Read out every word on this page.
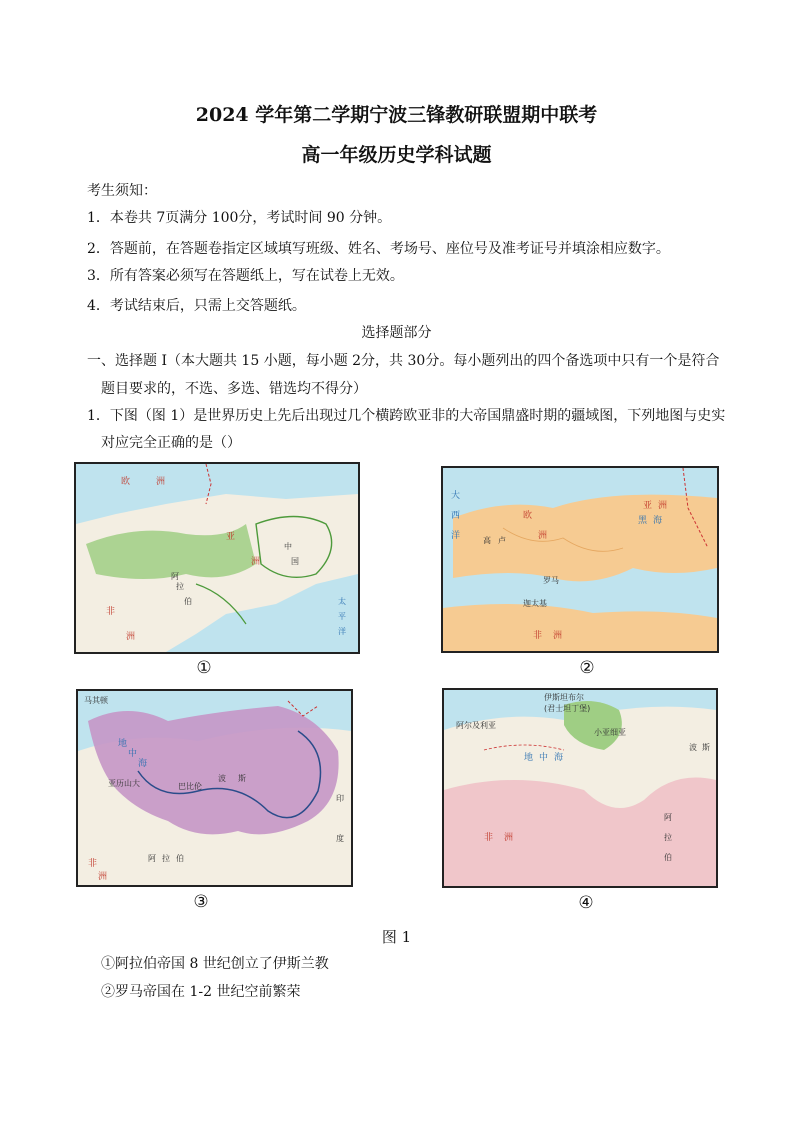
2024 学年第二学期宁波三锋教研联盟期中联考
高一年级历史学科试题
考生须知：
1．本卷共 7页满分 100分，考试时间 90 分钟。
2．答题前，在答题卷指定区域填写班级、姓名、考场号、座位号及准考证号并填涂相应数字。
3．所有答案必须写在答题纸上，写在试卷上无效。
4．考试结束后，只需上交答题纸。
选择题部分
一、选择题 I（本大题共 15 小题，每小题 2分，共 30分。每小题列出的四个备选项中只有一个是符合
题目要求的，不选、多选、错选均不得分）
1．下图（图 1）是世界历史上先后出现过几个横跨欧亚非的大帝国鼎盛时期的疆域图，下列地图与史实
对应完全正确的是（）
欧	洲
亚
洲
非
洲
阿
拉
伯
中
国
太
平
洋
①
大
西
洋
黑 海
欧
洲
亚 洲
非 洲
高 卢
罗马
迦太基
②
地
中
海
非
洲
马其顿
巴比伦
波 斯
印
度
亚历山大
阿 拉 伯
③
地 中 海
非 洲
伊斯坦布尔
(君士坦丁堡)
小亚细亚
阿尔及利亚
波 斯
阿
拉
伯
④
图 1
①阿拉伯帝国 8 世纪创立了伊斯兰教
②罗马帝国在 1-2 世纪空前繁荣
